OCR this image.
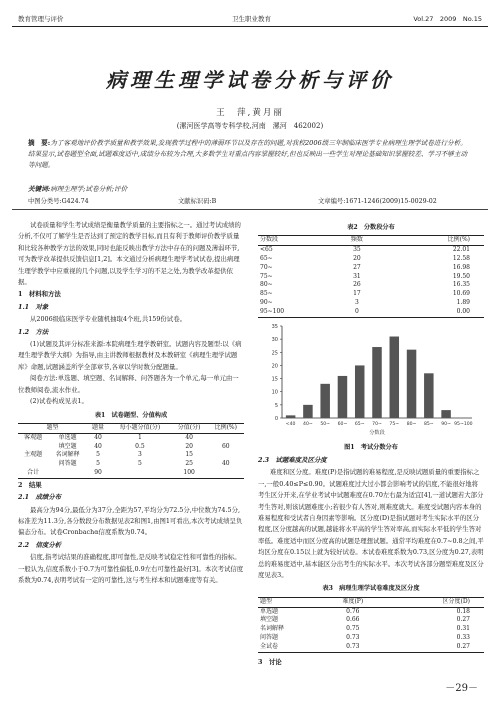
教育管理与评价	卫生职业教育	Vol.27　2009　No.15
病理生理学试卷分析与评价
王　萍,黄月丽
(漯河医学高等专科学校,河南　漯河　462002)
摘　要:为了客观地评价教学质量和教学效果,发现教学过程中的薄弱环节以及存在的问题,对我校2006级三年制临床医学专业病理生理学试卷进行分析。结果显示,试卷题型全面,试题难度适中,成绩分布较为合理,大多数学生对重点内容掌握较好,但也反映出一些学生对理论基础知识掌握较差、学习不够主动等问题。
关键词:病理生理学;试卷分析;评价
中图分类号:G424.74	文献标识码:B	文章编号:1671-1246(2009)15-0029-02

试卷质量和学生考试成绩是衡量教学质量的主要指标之一。通过考试成绩的分析,不仅可了解学生是否达到了预定的教学目标,而且有利于教师评价教学质量和比较各种教学方法的效果,同时也能反映出教学方法中存在的问题及薄弱环节,可为教学改革提供反馈信息[1,2]。本文通过分析病理生理学考试试卷,提出病理生理学教学中应重视的几个问题,以及学生学习的不足之处,为教学改革提供依据。

1　材料和方法
1.1　对象

从2006级临床医学专业随机抽取4个班,共159份试卷。

1.2　方法

(1)试题及其评分标准来源:本院病理生理学教研室。试题内容及题型:以《病理生理学教学大纲》为指导,由主讲教师根据教材及本教研室《病理生理学试题库》命题,试题涵盖所学全部章节,各章以学时数分配题量。

阅卷方法:单选题、填空题、名词解释、问答题各为一个单元,每一单元由一位教师阅卷,流水作业。

(2)试卷构成见表1。

表1　试卷题型、分值构成
题型		题量	每小题分值(分)	分值(分)	比例(%)
客观题	单选题	40	1	40	
	填空题	40	0.5	20	60
主观题	名词解释	5	3	15	
	问答题	5	5	25	40
合计		90		100	
2　结果
2.1　成绩分布

最高分为94分,最低分为37分,全距为57,平均分为72.5分,中位数为74.5分,标准差为11.3分,各分数段分布数据见表2和图1,由图1可看出,本次考试成绩呈负偏态分布。试卷Cronbachα信度系数为0.74。

2.2　信度分析

信度,指考试结果的准确程度,即可靠性,是反映考试稳定性和可靠性的指标。一般认为,信度系数小于0.7为可靠性偏低,0.9左右可靠性最好[3]。本次考试信度系数为0.74,表明考试有一定的可靠性,这与考生样本和试题难度等有关。

表2　分数段分布
分数段	频数	比例(%)
<65	35	22.01
65~	20	12.58
70~	27	16.98
75~	31	19.50
80~	26	16.35
85~	17	10.69
90~	3	1.89
95~100	0	0.00
0
5
10
15
20
25
30
35
<40 40~ 50~ 60~ 65~ 70~ 75~ 80~ 85~ 90~ 95~100
分数段
图1　考试分数分布
2.3　试题难度及区分度

难度和区分度。难度(P)是指试题的难易程度,是反映试题质量的重要指标之一,一般0.40≤P≤0.90。试题难度过大过小都会影响考试的信度,不能很好地将考生区分开来,在学业考试中试题难度在0.70左右最为适宜[4],一道试题若大部分考生答对,则该试题难度小;若很少有人答对,则难度就大。难度受试题内容本身的难易程度和受试者自身因素等影响。区分度(D)是指试题对考生实际水平的区分程度,区分度越高的试题,越能将水平高的学生答对率高,而实际水平低的学生答对率低。难度适中而区分度高的试题是理想试题。通常平均难度在0.7~0.8之间,平均区分度在0.15以上就为较好试卷。本试卷难度系数为0.73,区分度为0.27,表明总的难易度适中,基本能区分出考生的实际水平。本次考试各部分题型难度及区分度见表3。

表3　病理生理学试卷难度及区分度
题型	难度(P)	区分度(D)
单选题	0.76	0.18
填空题	0.66	0.27
名词解释	0.75	0.31
问答题	0.73	0.33
全试卷	0.73	0.27
3　讨论
－29－
